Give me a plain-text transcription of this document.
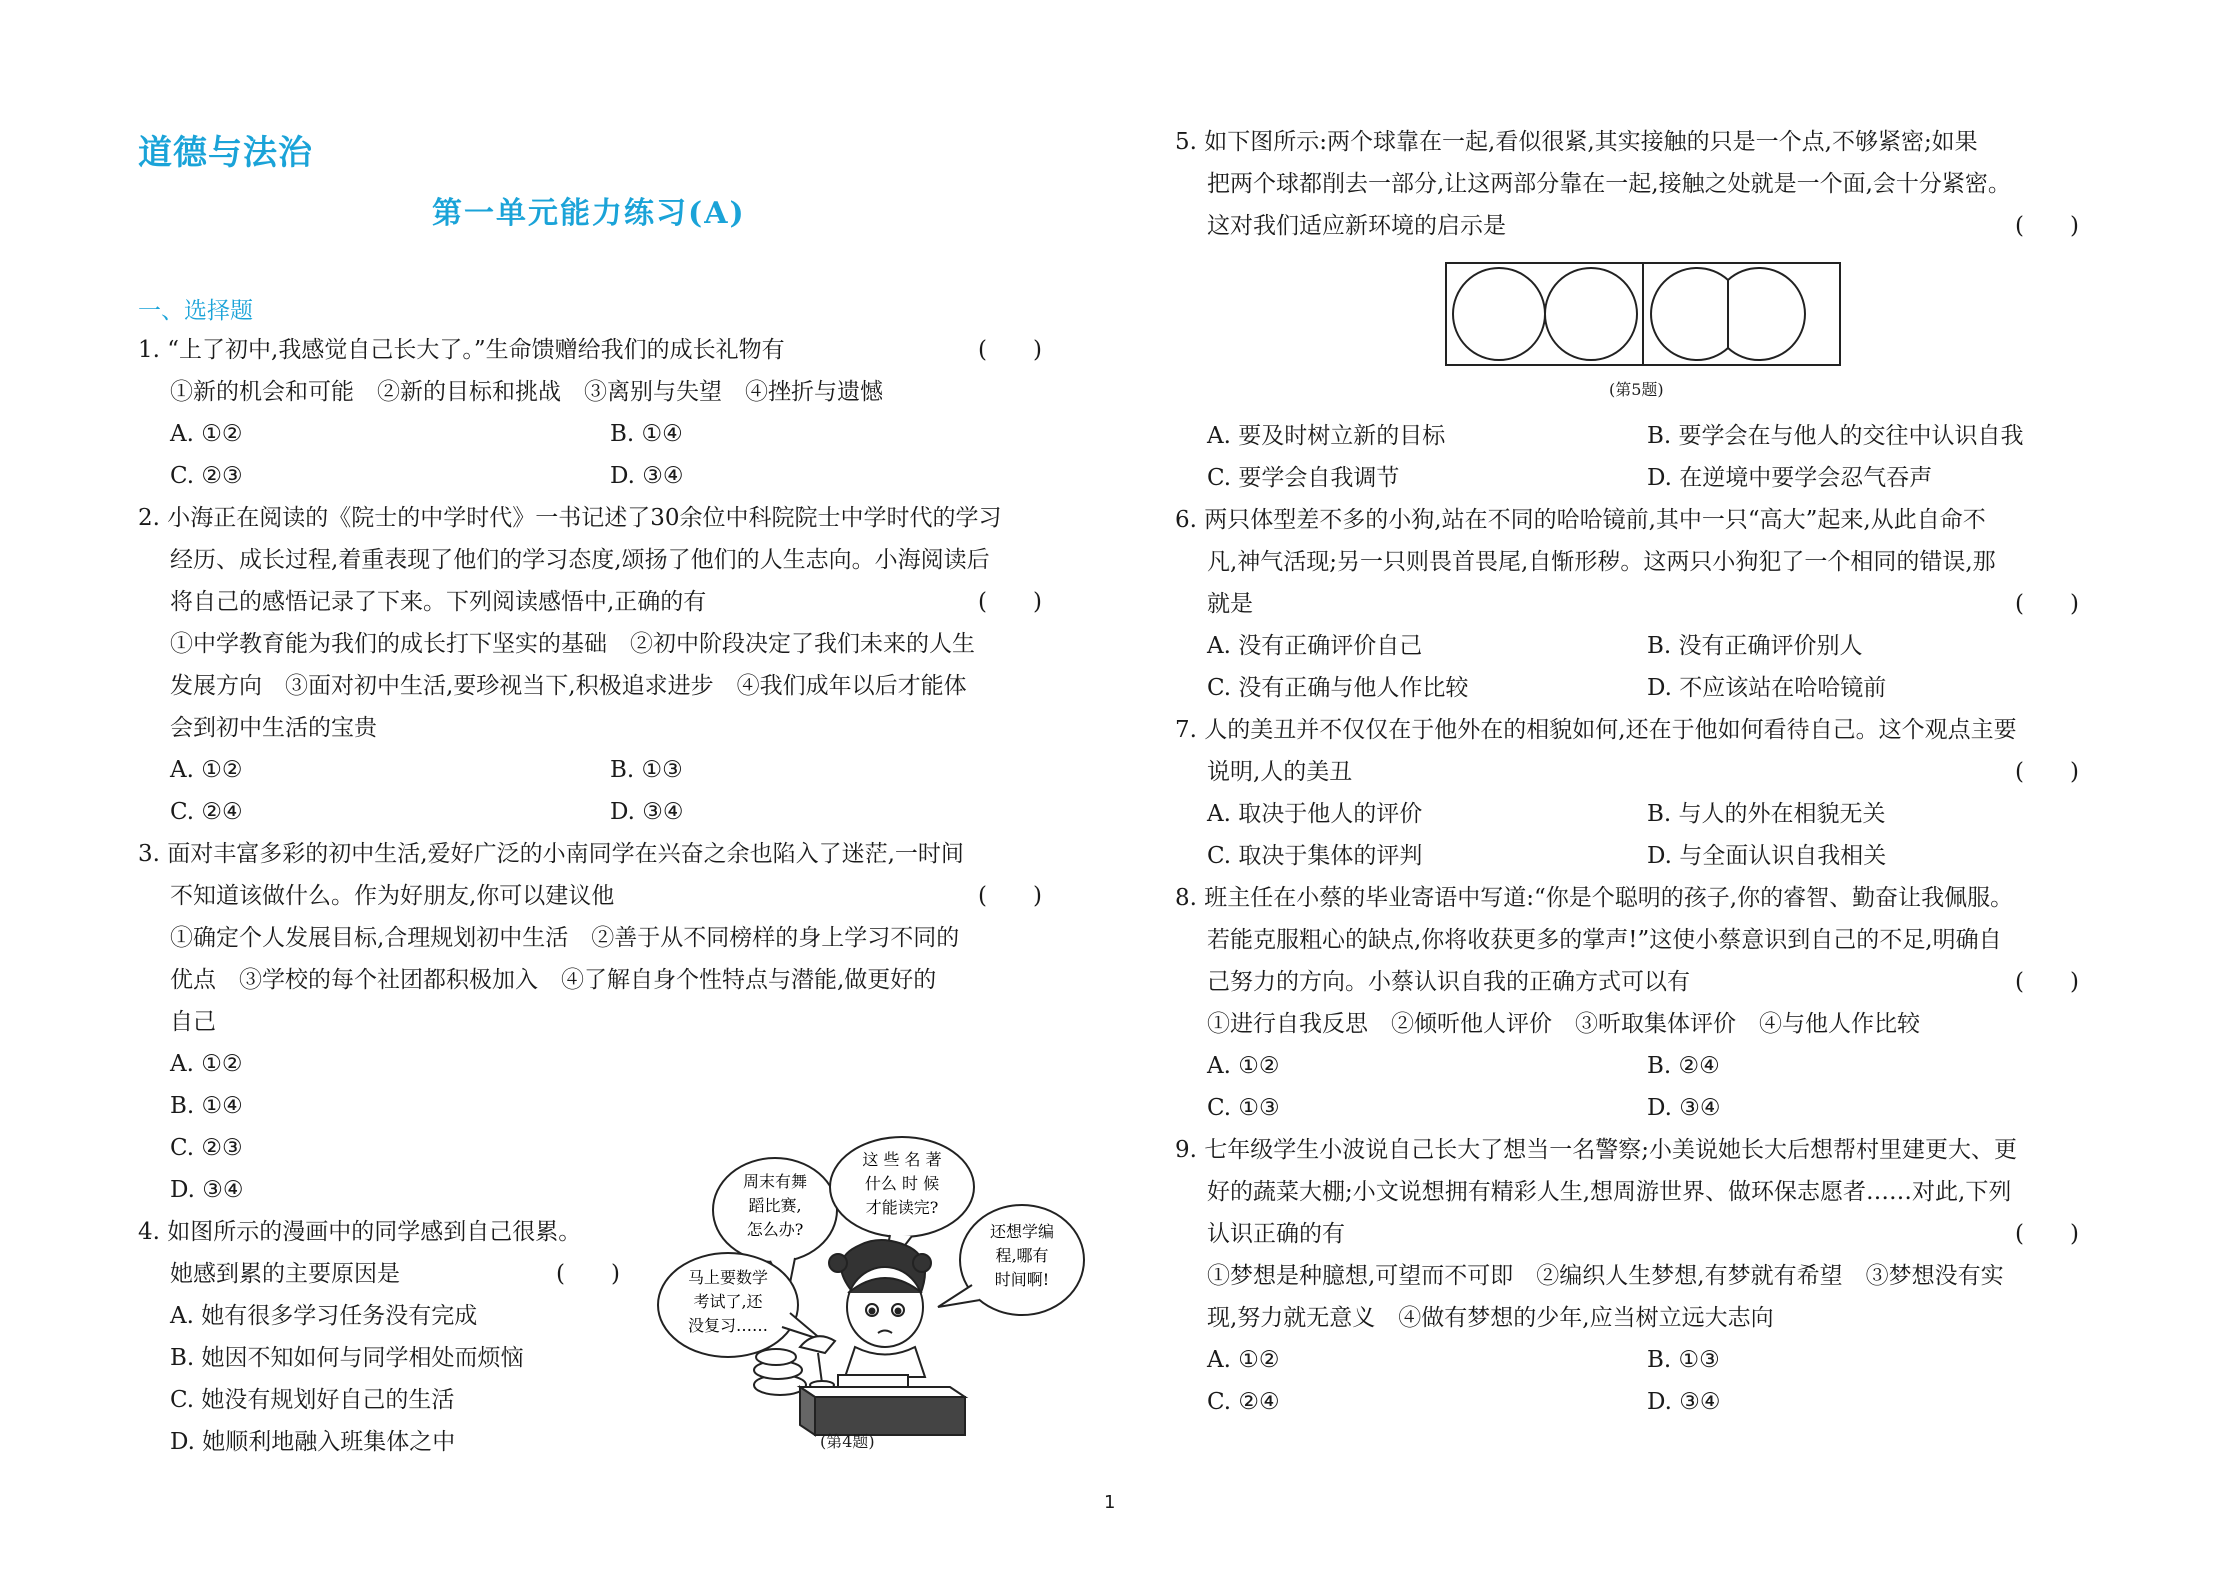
道德与法治
第一单元能力练习(A)
一、选择题
1. “上了初中,我感觉自己长大了。”生命馈赠给我们的成长礼物有	(　　)
①新的机会和可能　②新的目标和挑战　③离别与失望　④挫折与遗憾
A. ①②	B. ①④
C. ②③	D. ③④
2. 小海正在阅读的《院士的中学时代》一书记述了30余位中科院院士中学时代的学习
经历、成长过程,着重表现了他们的学习态度,颂扬了他们的人生志向。小海阅读后
将自己的感悟记录了下来。下列阅读感悟中,正确的有	(　　)
①中学教育能为我们的成长打下坚实的基础　②初中阶段决定了我们未来的人生
发展方向　③面对初中生活,要珍视当下,积极追求进步　④我们成年以后才能体
会到初中生活的宝贵
A. ①②	B. ①③
C. ②④	D. ③④
3. 面对丰富多彩的初中生活,爱好广泛的小南同学在兴奋之余也陷入了迷茫,一时间
不知道该做什么。作为好朋友,你可以建议他	(　　)
①确定个人发展目标,合理规划初中生活　②善于从不同榜样的身上学习不同的
优点　③学校的每个社团都积极加入　④了解自身个性特点与潜能,做更好的
自己
A. ①②
B. ①④
C. ②③
D. ③④
4. 如图所示的漫画中的同学感到自己很累。
她感到累的主要原因是	(　　)
A. 她有很多学习任务没有完成
B. 她因不知如何与同学相处而烦恼
C. 她没有规划好自己的生活
D. 她顺利地融入班集体之中
周末有舞
蹈比赛,
怎么办?
这 些 名 著
什么 时 候
才能读完?
还想学编
程,哪有
时间啊!
马上要数学
考试了,还
没复习……
(第4题)
5. 如下图所示:两个球靠在一起,看似很紧,其实接触的只是一个点,不够紧密;如果
把两个球都削去一部分,让这两部分靠在一起,接触之处就是一个面,会十分紧密。
这对我们适应新环境的启示是	(　　)
(第5题)
A. 要及时树立新的目标	B. 要学会在与他人的交往中认识自我
C. 要学会自我调节	D. 在逆境中要学会忍气吞声
6. 两只体型差不多的小狗,站在不同的哈哈镜前,其中一只“高大”起来,从此自命不
凡,神气活现;另一只则畏首畏尾,自惭形秽。这两只小狗犯了一个相同的错误,那
就是	(　　)
A. 没有正确评价自己	B. 没有正确评价别人
C. 没有正确与他人作比较	D. 不应该站在哈哈镜前
7. 人的美丑并不仅仅在于他外在的相貌如何,还在于他如何看待自己。这个观点主要
说明,人的美丑	(　　)
A. 取决于他人的评价	B. 与人的外在相貌无关
C. 取决于集体的评判	D. 与全面认识自我相关
8. 班主任在小蔡的毕业寄语中写道:“你是个聪明的孩子,你的睿智、勤奋让我佩服。
若能克服粗心的缺点,你将收获更多的掌声!”这使小蔡意识到自己的不足,明确自
己努力的方向。小蔡认识自我的正确方式可以有	(　　)
①进行自我反思　②倾听他人评价　③听取集体评价　④与他人作比较
A. ①②	B. ②④
C. ①③	D. ③④
9. 七年级学生小波说自己长大了想当一名警察;小美说她长大后想帮村里建更大、更
好的蔬菜大棚;小文说想拥有精彩人生,想周游世界、做环保志愿者……对此,下列
认识正确的有	(　　)
①梦想是种臆想,可望而不可即　②编织人生梦想,有梦就有希望　③梦想没有实
现,努力就无意义　④做有梦想的少年,应当树立远大志向
A. ①②	B. ①③
C. ②④	D. ③④
1
